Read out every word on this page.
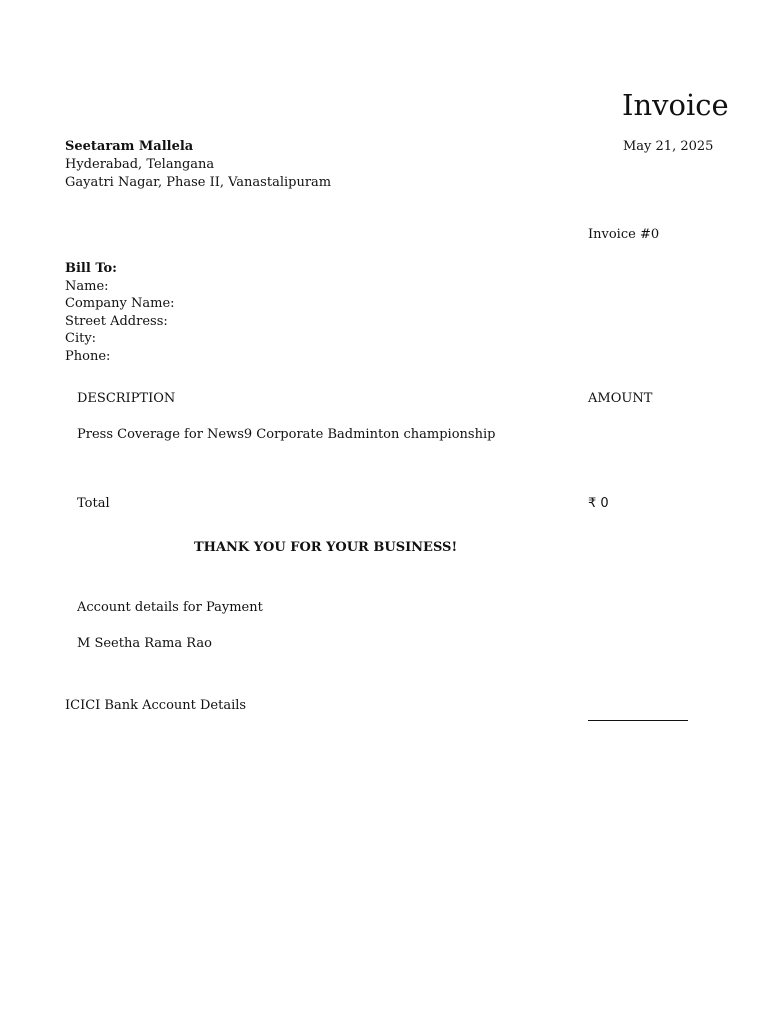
Invoice
Seetaram Mallela
Hyderabad, Telangana
Gayatri Nagar, Phase II, Vanastalipuram
May 21, 2025
Invoice #0
Bill To:
Name:
Company Name:
Street Address:
City:
Phone:
DESCRIPTION	AMOUNT
Press Coverage for News9 Corporate Badminton championship
Total	₹ 0
THANK YOU FOR YOUR BUSINESS!
Account details for Payment
M Seetha Rama Rao
ICICI Bank Account Details
